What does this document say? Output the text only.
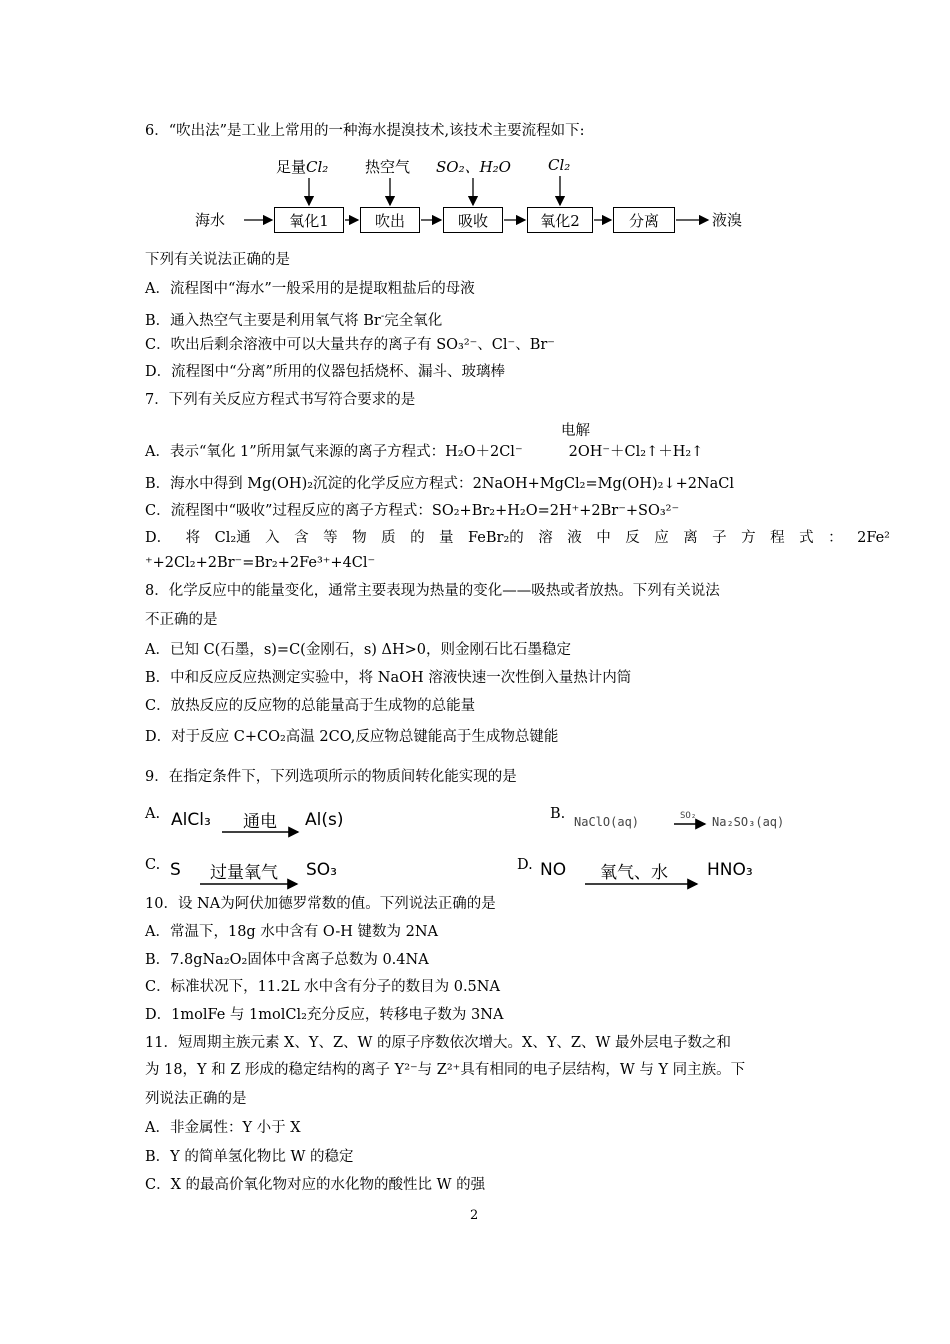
6．“吹出法”是工业上常用的一种海水提溴技术,该技术主要流程如下:
海水	液溴
氧化1	吹出	吸收	氧化2	分离
足量Cl₂ 热空气 SO₂、H₂O Cl₂
下列有关说法正确的是
A．流程图中“海水”一般采用的是提取粗盐后的母液
B．通入热空气主要是利用氧气将 Br-完全氧化
C．吹出后剩余溶液中可以大量共存的离子有 SO₃²⁻、Cl⁻、Br⁻
D．流程图中“分离”所用的仪器包括烧杯、漏斗、玻璃棒
7．下列有关反应方程式书写符合要求的是
电解
A．表示“氧化 1”所用氯气来源的离子方程式：H₂O＋2Cl⁻	2OH⁻＋Cl₂↑＋H₂↑
B．海水中得到 Mg(OH)₂沉淀的化学反应方程式：2NaOH+MgCl₂=Mg(OH)₂↓+2NaCl
C．流程图中“吸收”过程反应的离子方程式：SO₂+Br₂+H₂O=2H⁺+2Br⁻+SO₃²⁻
D． 将 Cl₂通 入 含 等 物 质 的 量 FeBr₂的 溶 液 中 反 应 离 子 方 程 式 ： 2Fe²
⁺+2Cl₂+2Br⁻=Br₂+2Fe³⁺+4Cl⁻
8．化学反应中的能量变化，通常主要表现为热量的变化——吸热或者放热。下列有关说法
不正确的是
A．已知 C(石墨，s)=C(金刚石，s) ΔH>0，则金刚石比石墨稳定
B．中和反应反应热测定实验中，将 NaOH 溶液快速一次性倒入量热计内筒
C．放热反应的反应物的总能量高于生成物的总能量
D．对于反应 C+CO₂高温 2CO,反应物总键能高于生成物总键能
9．在指定条件下，下列选项所示的物质间转化能实现的是
A. AlCl₃ 通电 Al(s)	B. NaClO(aq)	SO₂ Na₂SO₃(aq)
C. S 过量氧气 SO₃	D. NO 氧气、水 HNO₃
10．设 NA为阿伏加德罗常数的值。下列说法正确的是
A．常温下，18g 水中含有 O-H 键数为 2NA
B．7.8gNa₂O₂固体中含离子总数为 0.4NA
C．标准状况下，11.2L 水中含有分子的数目为 0.5NA
D．1molFe 与 1molCl₂充分反应，转移电子数为 3NA
11．短周期主族元素 X、Y、Z、W 的原子序数依次增大。X、Y、Z、W 最外层电子数之和
为 18，Y 和 Z 形成的稳定结构的离子 Y²⁻与 Z²⁺具有相同的电子层结构，W 与 Y 同主族。下
列说法正确的是
A．非金属性：Y 小于 X
B．Y 的简单氢化物比 W 的稳定
C．X 的最高价氧化物对应的水化物的酸性比 W 的强
2
